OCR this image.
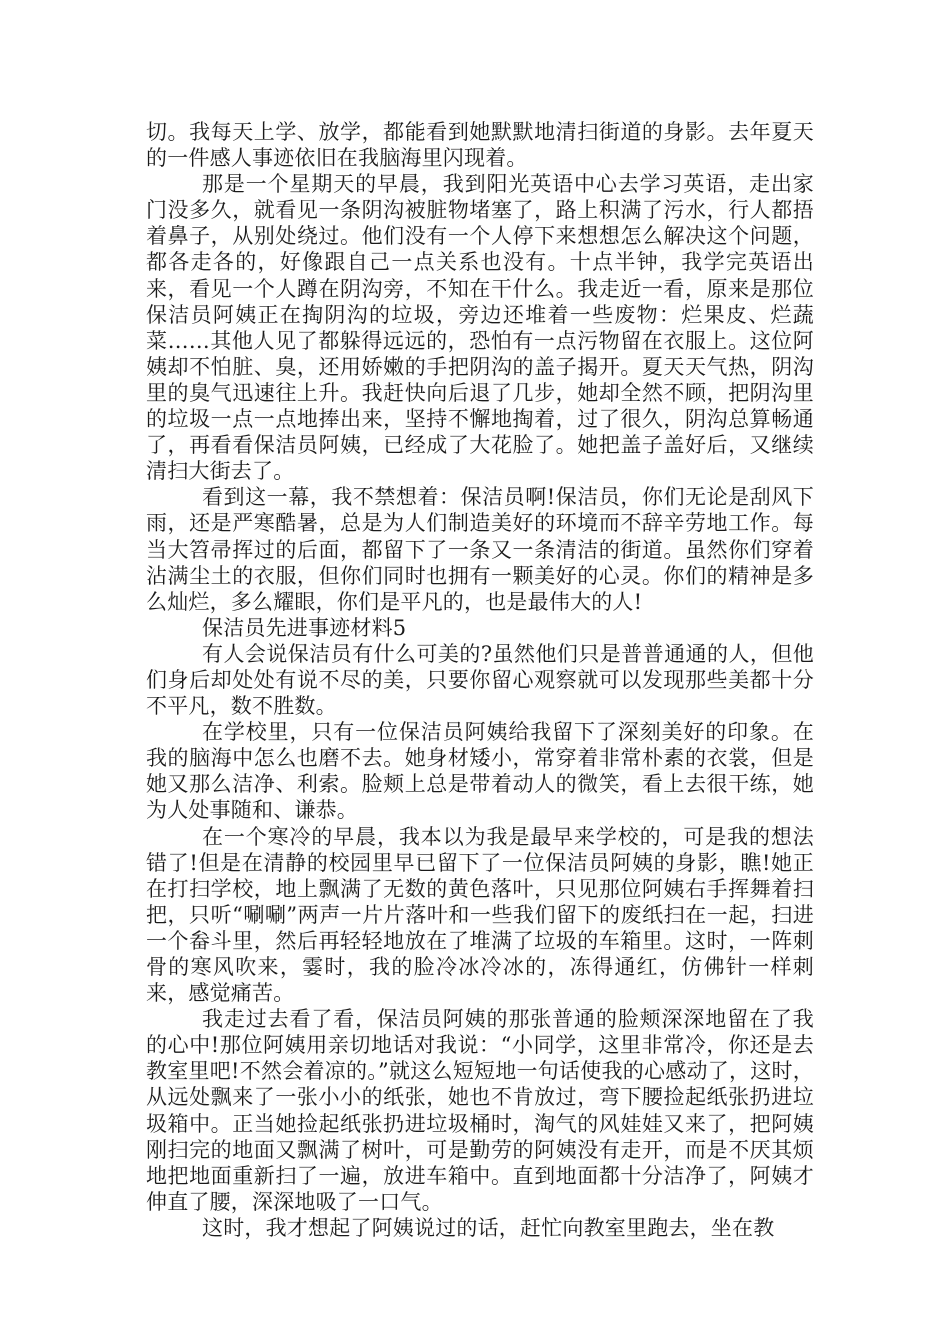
切。我每天上学、放学，都能看到她默默地清扫街道的身影。去年夏天的一件感人事迹依旧在我脑海里闪现着。

那是一个星期天的早晨，我到阳光英语中心去学习英语，走出家门没多久，就看见一条阴沟被脏物堵塞了，路上积满了污水，行人都捂着鼻子，从别处绕过。他们没有一个人停下来想想怎么解决这个问题，都各走各的，好像跟自己一点关系也没有。十点半钟，我学完英语出来，看见一个人蹲在阴沟旁，不知在干什么。我走近一看，原来是那位保洁员阿姨正在掏阴沟的垃圾，旁边还堆着一些废物：烂果皮、烂蔬菜……其他人见了都躲得远远的，恐怕有一点污物留在衣服上。这位阿姨却不怕脏、臭，还用娇嫩的手把阴沟的盖子揭开。夏天天气热，阴沟里的臭气迅速往上升。我赶快向后退了几步，她却全然不顾，把阴沟里的垃圾一点一点地捧出来，坚持不懈地掏着，过了很久，阴沟总算畅通了，再看看保洁员阿姨，已经成了大花脸了。她把盖子盖好后，又继续清扫大街去了。

看到这一幕，我不禁想着：保洁员啊!保洁员，你们无论是刮风下雨，还是严寒酷暑，总是为人们制造美好的环境而不辞辛劳地工作。每当大笤帚挥过的后面，都留下了一条又一条清洁的街道。虽然你们穿着沾满尘土的衣服，但你们同时也拥有一颗美好的心灵。你们的精神是多么灿烂，多么耀眼，你们是平凡的，也是最伟大的人!

保洁员先进事迹材料5

有人会说保洁员有什么可美的?虽然他们只是普普通通的人，但他们身后却处处有说不尽的美，只要你留心观察就可以发现那些美都十分不平凡，数不胜数。

在学校里，只有一位保洁员阿姨给我留下了深刻美好的印象。在我的脑海中怎么也磨不去。她身材矮小，常穿着非常朴素的衣裳，但是她又那么洁净、利索。脸颊上总是带着动人的微笑，看上去很干练，她为人处事随和、谦恭。

在一个寒冷的早晨，我本以为我是最早来学校的，可是我的想法错了!但是在清静的校园里早已留下了一位保洁员阿姨的身影，瞧!她正在打扫学校，地上飘满了无数的黄色落叶，只见那位阿姨右手挥舞着扫把，只听“唰唰”两声一片片落叶和一些我们留下的废纸扫在一起，扫进一个畚斗里，然后再轻轻地放在了堆满了垃圾的车箱里。这时，一阵刺骨的寒风吹来，霎时，我的脸冷冰冷冰的，冻得通红，仿佛针一样刺来，感觉痛苦。

我走过去看了看，保洁员阿姨的那张普通的脸颊深深地留在了我的心中!那位阿姨用亲切地话对我说：“小同学，这里非常冷，你还是去教室里吧!不然会着凉的。”就这么短短地一句话使我的心感动了，这时，从远处飘来了一张小小的纸张，她也不肯放过，弯下腰捡起纸张扔进垃圾箱中。正当她捡起纸张扔进垃圾桶时，淘气的风娃娃又来了，把阿姨刚扫完的地面又飘满了树叶，可是勤劳的阿姨没有走开，而是不厌其烦地把地面重新扫了一遍，放进车箱中。直到地面都十分洁净了，阿姨才伸直了腰，深深地吸了一口气。

这时，我才想起了阿姨说过的话，赶忙向教室里跑去，坐在教
